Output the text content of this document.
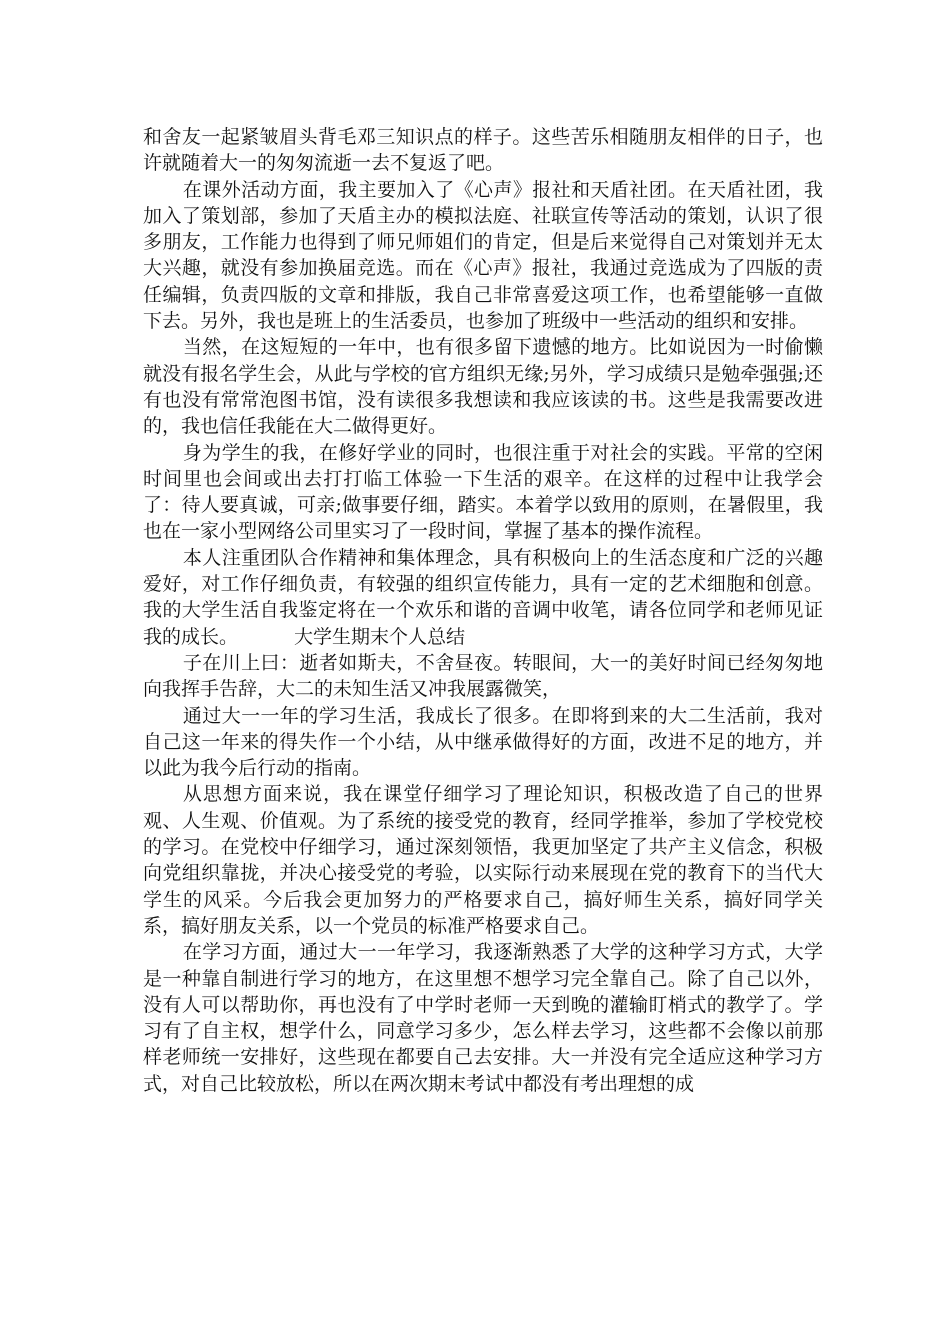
和舍友一起紧皱眉头背毛邓三知识点的样子。这些苦乐相随朋友相伴的日子，也许就随着大一的匆匆流逝一去不复返了吧。

在课外活动方面，我主要加入了《心声》报社和天盾社团。在天盾社团，我加入了策划部，参加了天盾主办的模拟法庭、社联宣传等活动的策划，认识了很多朋友，工作能力也得到了师兄师姐们的肯定，但是后来觉得自己对策划并无太大兴趣，就没有参加换届竞选。而在《心声》报社，我通过竞选成为了四版的责任编辑，负责四版的文章和排版，我自己非常喜爱这项工作，也希望能够一直做下去。另外，我也是班上的生活委员，也参加了班级中一些活动的组织和安排。

当然，在这短短的一年中，也有很多留下遗憾的地方。比如说因为一时偷懒就没有报名学生会，从此与学校的官方组织无缘;另外，学习成绩只是勉牵强强;还有也没有常常泡图书馆，没有读很多我想读和我应该读的书。这些是我需要改进的，我也信任我能在大二做得更好。

身为学生的我，在修好学业的同时，也很注重于对社会的实践。平常的空闲时间里也会间或出去打打临工体验一下生活的艰辛。在这样的过程中让我学会了：待人要真诚，可亲;做事要仔细，踏实。本着学以致用的原则，在暑假里，我也在一家小型网络公司里实习了一段时间，掌握了基本的操作流程。

本人注重团队合作精神和集体理念，具有积极向上的生活态度和广泛的兴趣爱好，对工作仔细负责，有较强的组织宣传能力，具有一定的艺术细胞和创意。我的大学生活自我鉴定将在一个欢乐和谐的音调中收笔，请各位同学和老师见证我的成长。	大学生期末个人总结

子在川上曰：逝者如斯夫，不舍昼夜。转眼间，大一的美好时间已经匆匆地向我挥手告辞，大二的未知生活又冲我展露微笑，

通过大一一年的学习生活，我成长了很多。在即将到来的大二生活前，我对自己这一年来的得失作一个小结，从中继承做得好的方面，改进不足的地方，并以此为我今后行动的指南。

从思想方面来说，我在课堂仔细学习了理论知识，积极改造了自己的世界观、人生观、价值观。为了系统的接受党的教育，经同学推举，参加了学校党校的学习。在党校中仔细学习，通过深刻领悟，我更加坚定了共产主义信念，积极向党组织靠拢，并决心接受党的考验，以实际行动来展现在党的教育下的当代大学生的风采。今后我会更加努力的严格要求自己，搞好师生关系，搞好同学关系，搞好朋友关系，以一个党员的标准严格要求自己。

在学习方面，通过大一一年学习，我逐渐熟悉了大学的这种学习方式，大学是一种靠自制进行学习的地方，在这里想不想学习完全靠自己。除了自己以外，没有人可以帮助你，再也没有了中学时老师一天到晚的灌输盯梢式的教学了。学习有了自主权，想学什么，同意学习多少，怎么样去学习，这些都不会像以前那样老师统一安排好，这些现在都要自己去安排。大一并没有完全适应这种学习方式，对自己比较放松，所以在两次期末考试中都没有考出理想的成
